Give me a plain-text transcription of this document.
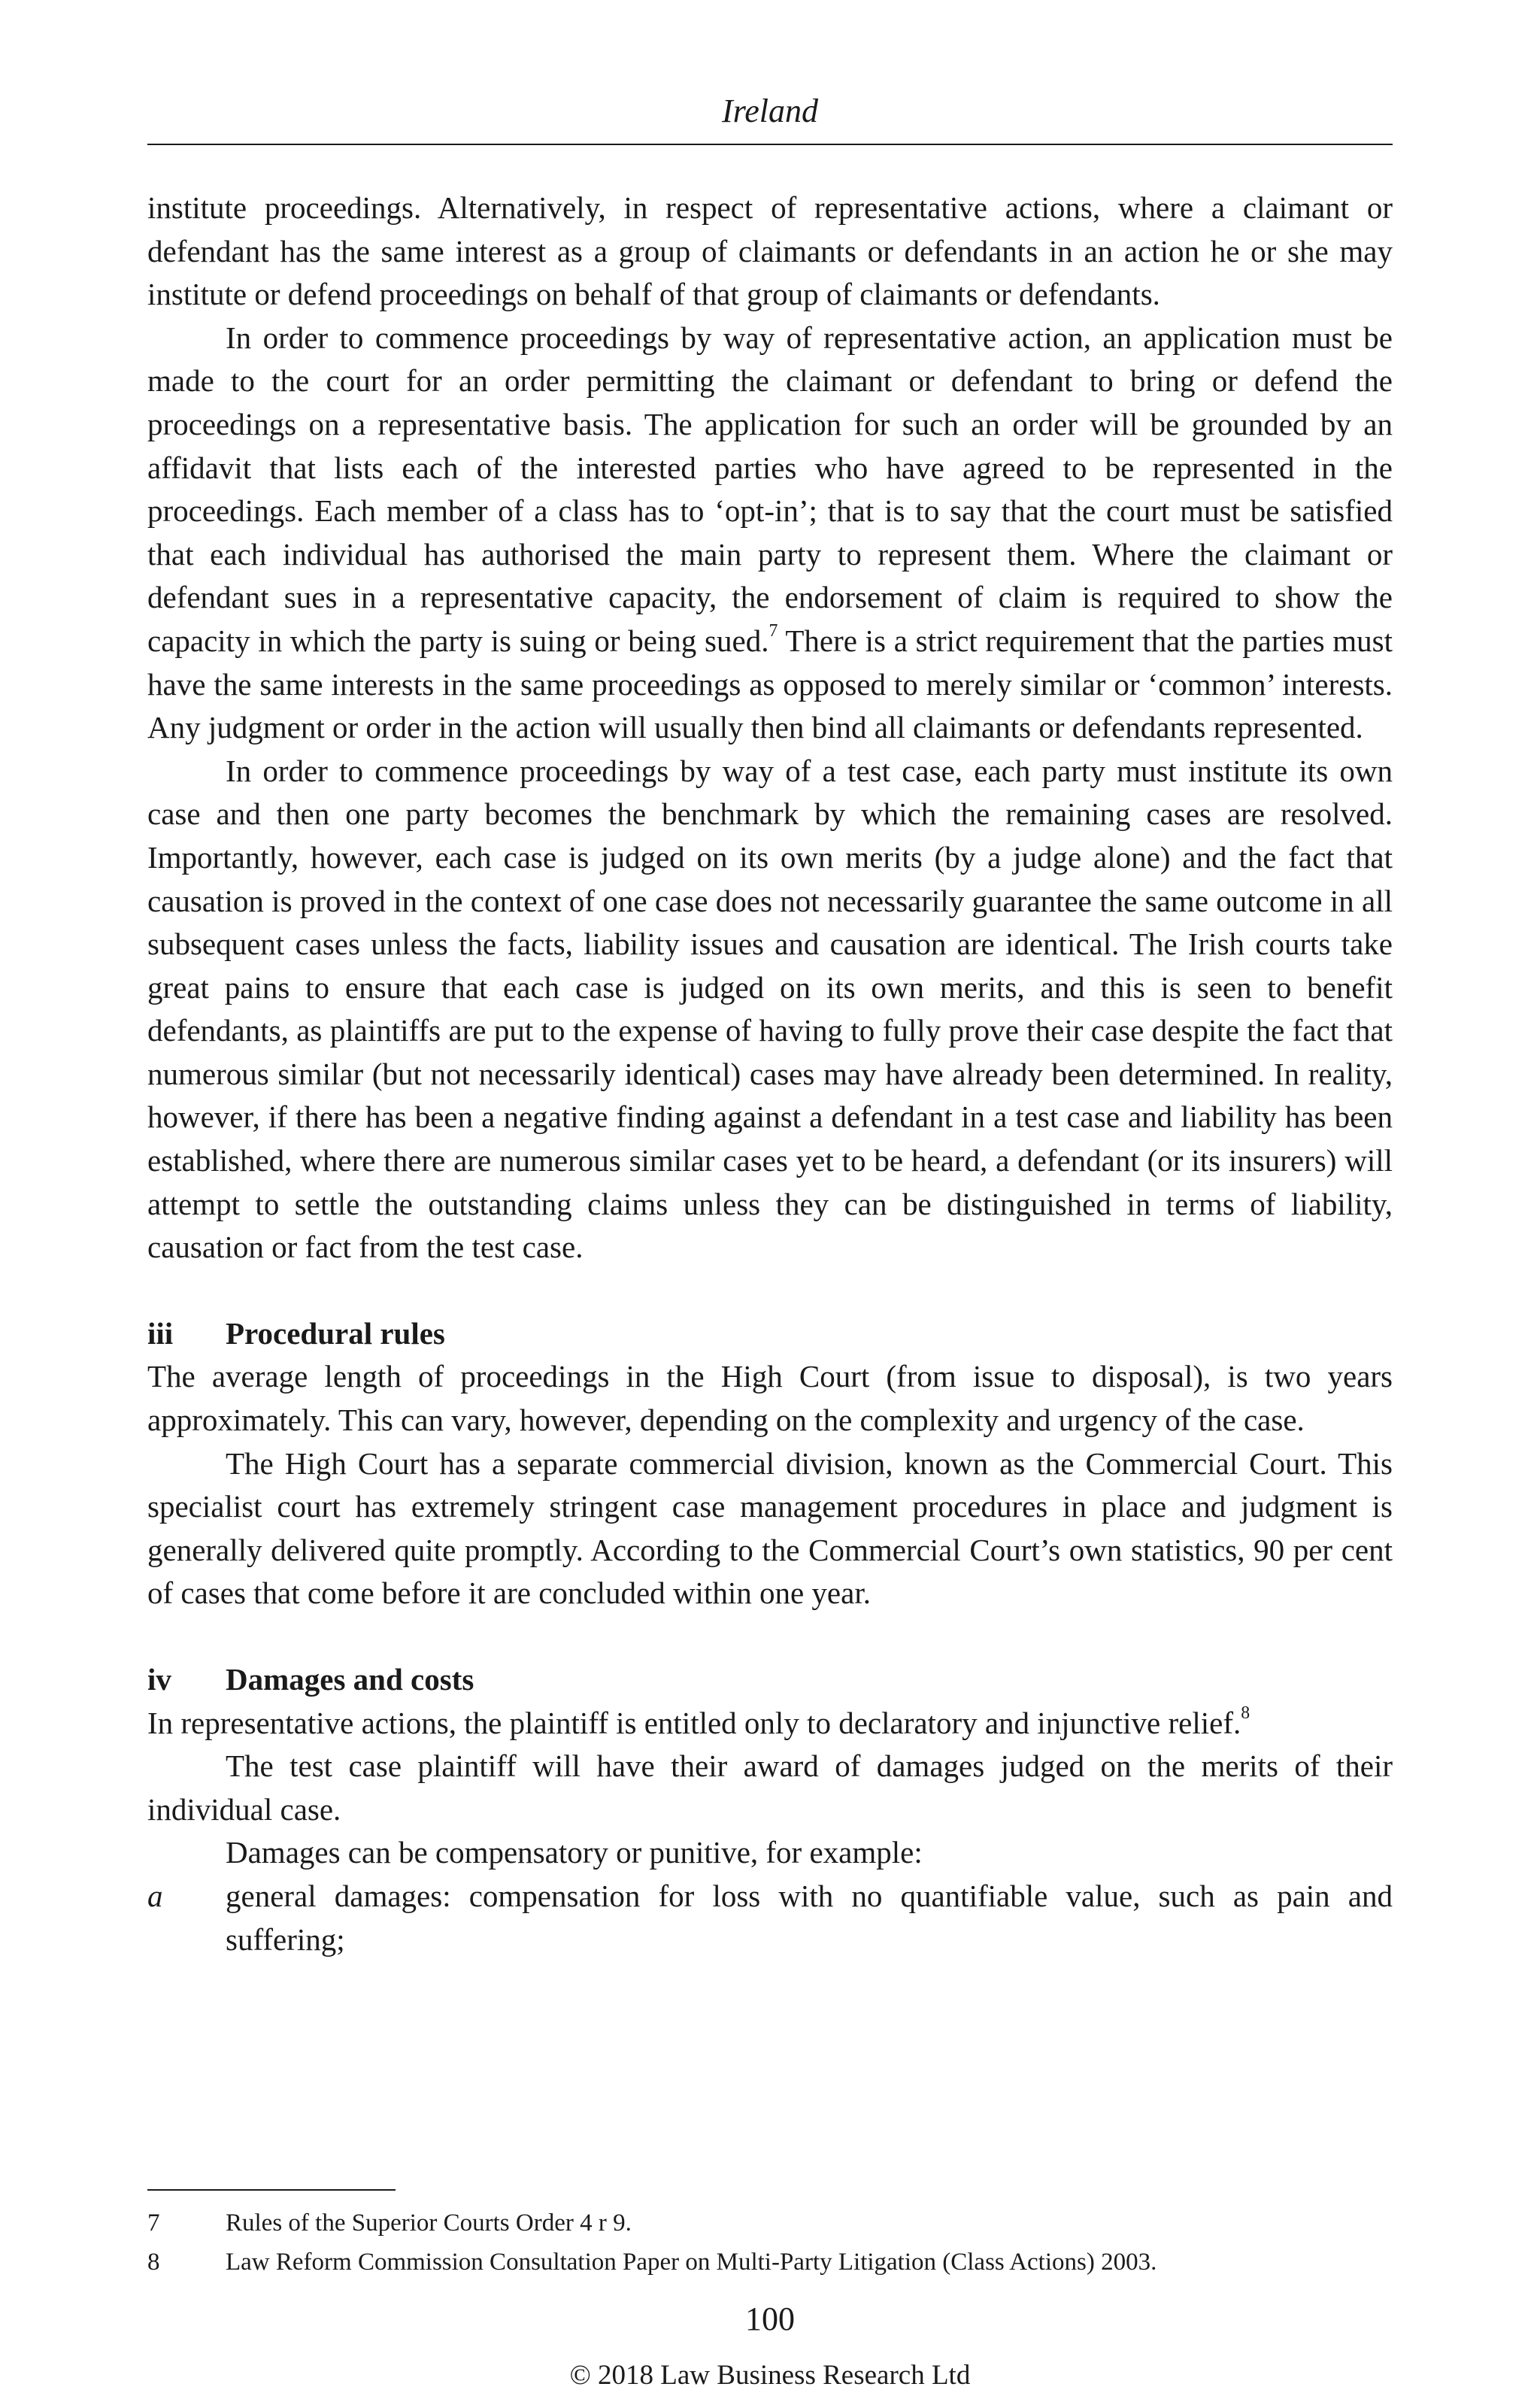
Ireland

institute proceedings. Alternatively, in respect of representative actions, where a claimant or defendant has the same interest as a group of claimants or defendants in an action he or she may institute or defend proceedings on behalf of that group of claimants or defendants.

In order to commence proceedings by way of representative action, an application must be made to the court for an order permitting the claimant or defendant to bring or defend the proceedings on a representative basis. The application for such an order will be grounded by an affidavit that lists each of the interested parties who have agreed to be represented in the proceedings. Each member of a class has to ‘opt-in’; that is to say that the court must be satisfied that each individual has authorised the main party to represent them. Where the claimant or defendant sues in a representative capacity, the endorsement of claim is required to show the capacity in which the party is suing or being sued.$^7$ There is a strict requirement that the parties must have the same interests in the same proceedings as opposed to merely similar or ‘common’ interests. Any judgment or order in the action will usually then bind all claimants or defendants represented.

In order to commence proceedings by way of a test case, each party must institute its own case and then one party becomes the benchmark by which the remaining cases are resolved. Importantly, however, each case is judged on its own merits (by a judge alone) and the fact that causation is proved in the context of one case does not necessarily guarantee the same outcome in all subsequent cases unless the facts, liability issues and causation are identical. The Irish courts take great pains to ensure that each case is judged on its own merits, and this is seen to benefit defendants, as plaintiffs are put to the expense of having to fully prove their case despite the fact that numerous similar (but not necessarily identical) cases may have already been determined. In reality, however, if there has been a negative finding against a defendant in a test case and liability has been established, where there are numerous similar cases yet to be heard, a defendant (or its insurers) will attempt to settle the outstanding claims unless they can be distinguished in terms of liability, causation or fact from the test case.

iii	Procedural rules

The average length of proceedings in the High Court (from issue to disposal), is two years approximately. This can vary, however, depending on the complexity and urgency of the case.

The High Court has a separate commercial division, known as the Commercial Court. This specialist court has extremely stringent case management procedures in place and judgment is generally delivered quite promptly. According to the Commercial Court’s own statistics, 90 per cent of cases that come before it are concluded within one year.

iv	Damages and costs

In representative actions, the plaintiff is entitled only to declaratory and injunctive relief.$^8$

The test case plaintiff will have their award of damages judged on the merits of their individual case.

Damages can be compensatory or punitive, for example:

a	general damages: compensation for loss with no quantifiable value, such as pain and suffering;
7	Rules of the Superior Courts Order 4 r 9.
8	Law Reform Commission Consultation Paper on Multi-Party Litigation (Class Actions) 2003.
100
© 2018 Law Business Research Ltd
